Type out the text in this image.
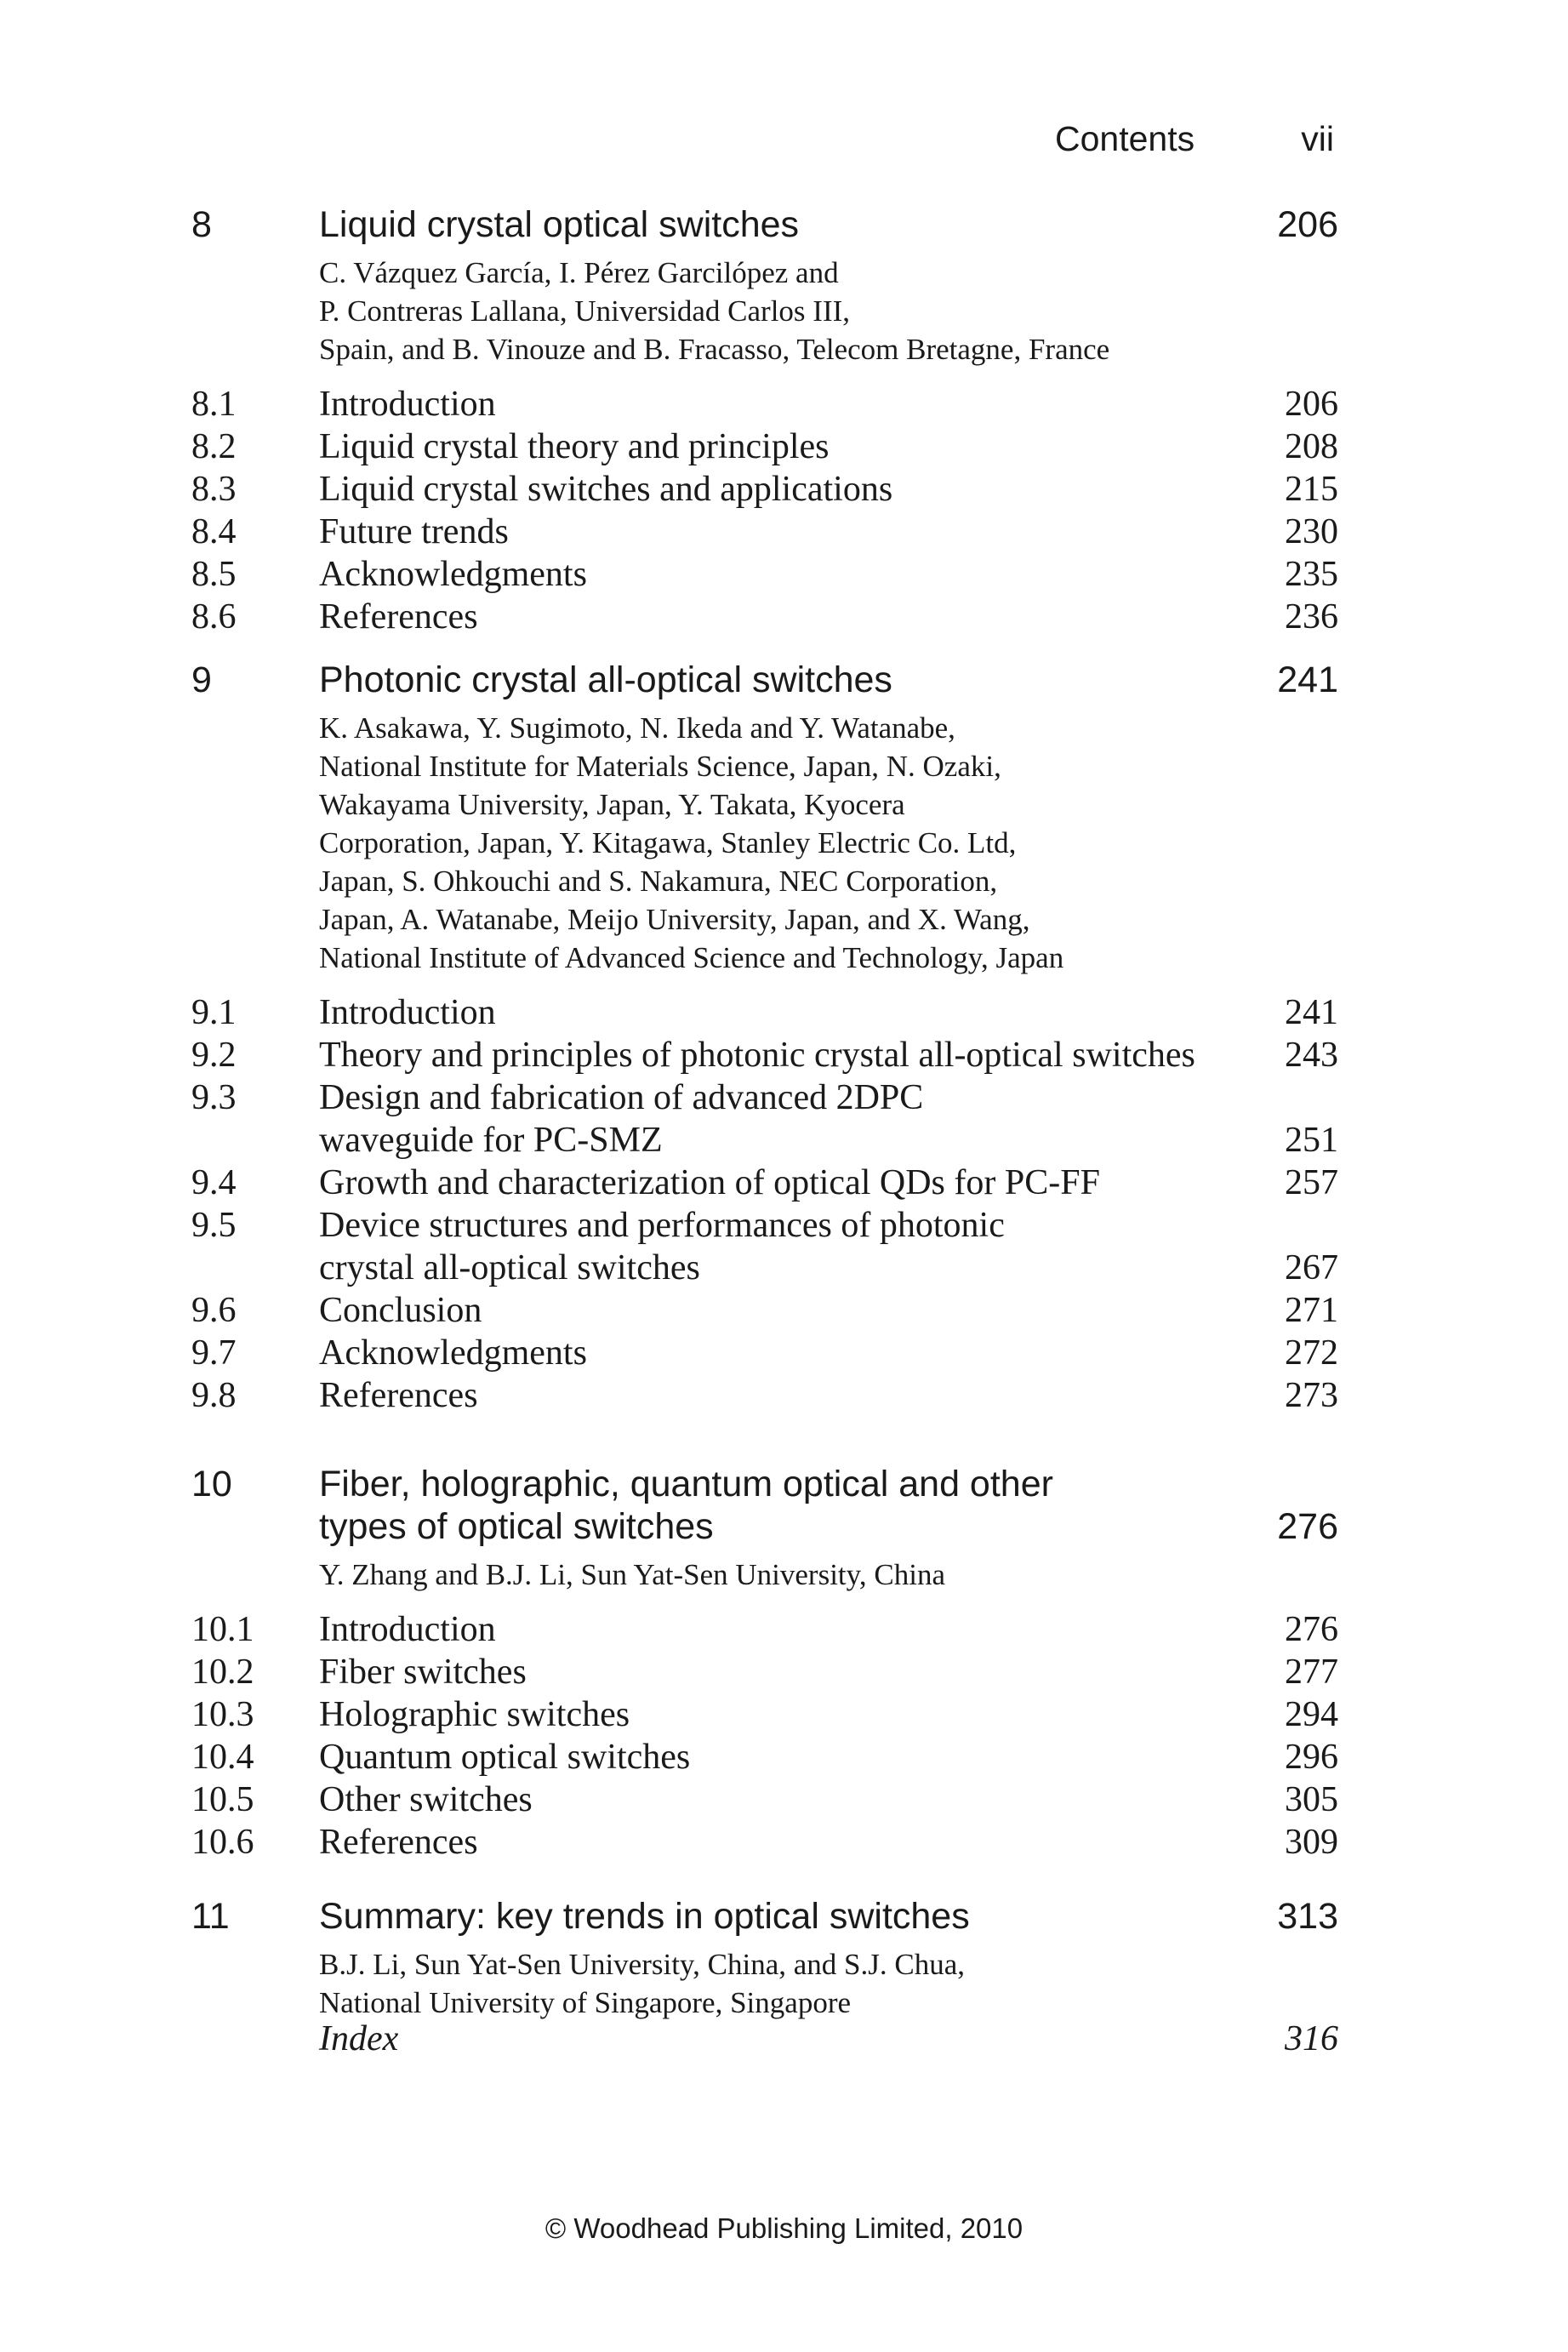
Contents	vii
8	Liquid crystal optical switches	206
C. Vázquez García, I. Pérez Garcilópez and
P. Contreras Lallana, Universidad Carlos III,
Spain, and B. Vinouze and B. Fracasso, Telecom Bretagne, France
8.1 Introduction	206
8.2 Liquid crystal theory and principles	208
8.3 Liquid crystal switches and applications	215
8.4 Future trends	230
8.5 Acknowledgments	235
8.6 References	236
9	Photonic crystal all-optical switches	241
K. Asakawa, Y. Sugimoto, N. Ikeda and Y. Watanabe,
National Institute for Materials Science, Japan, N. Ozaki,
Wakayama University, Japan, Y. Takata, Kyocera
Corporation, Japan, Y. Kitagawa, Stanley Electric Co. Ltd,
Japan, S. Ohkouchi and S. Nakamura, NEC Corporation,
Japan, A. Watanabe, Meijo University, Japan, and X. Wang,
National Institute of Advanced Science and Technology, Japan
9.1 Introduction	241
9.2 Theory and principles of photonic crystal all-optical switches	243
9.3 Design and fabrication of advanced 2DPC
waveguide for PC-SMZ	251
9.4 Growth and characterization of optical QDs for PC-FF	257
9.5 Device structures and performances of photonic
crystal all-optical switches	267
9.6 Conclusion	271
9.7 Acknowledgments	272
9.8 References	273
10 Fiber, holographic, quantum optical and other
types of optical switches	276
Y. Zhang and B.J. Li, Sun Yat-Sen University, China
10.1 Introduction	276
10.2 Fiber switches	277
10.3 Holographic switches	294
10.4 Quantum optical switches	296
10.5 Other switches	305
10.6 References	309
11 Summary: key trends in optical switches	313
B.J. Li, Sun Yat-Sen University, China, and S.J. Chua,
National University of Singapore, Singapore
Index	316
© Woodhead Publishing Limited, 2010
